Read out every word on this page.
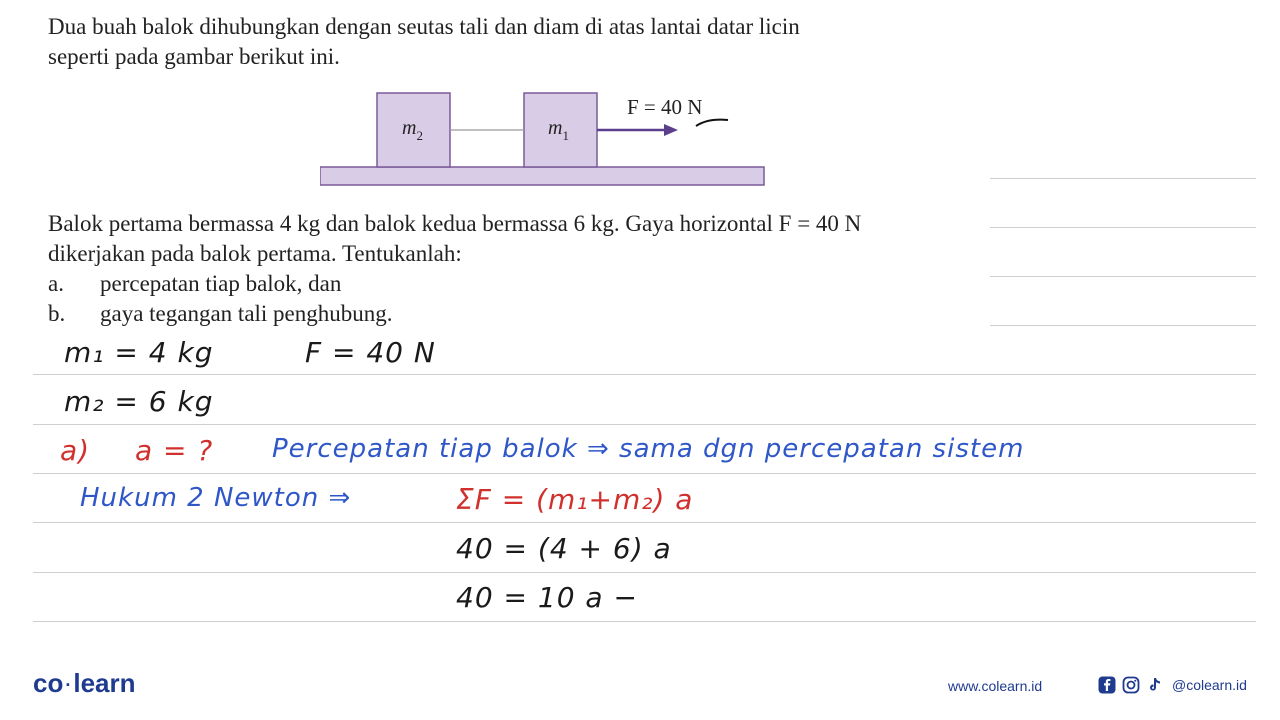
Dua buah balok dihubungkan dengan seutas tali dan diam di atas lantai datar licin
seperti pada gambar berikut ini.

$m_2$	$m_1$
F = 40 N
Balok pertama bermassa 4 kg dan balok kedua bermassa 6 kg. Gaya horizontal F = 40 N
dikerjakan pada balok pertama. Tentukanlah:
a.	percepatan tiap balok, dan
b.	gaya tegangan tali penghubung.
m₁ = 4 kg	F = 40 N
m₂ = 6 kg
a) a = ? Percepatan tiap balok ⇒ sama dgn percepatan sistem
Hukum 2 Newton ⇒	ΣF = (m₁+m₂) a
40 = (4 + 6) a
40 = 10 a −
co ·learn	www.colearn.id	@colearn.id
